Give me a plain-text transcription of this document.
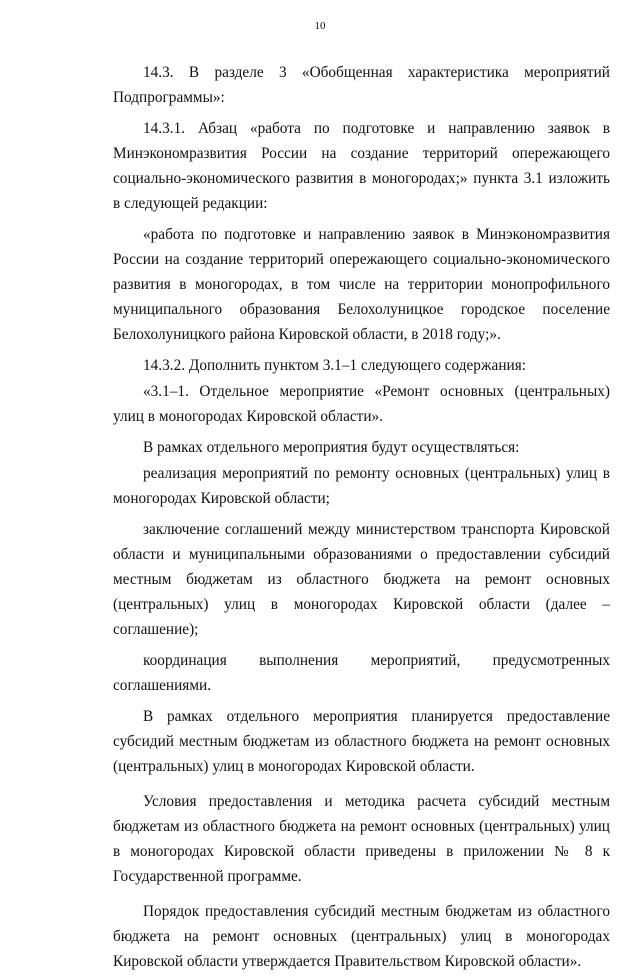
10

14.3. В разделе 3 «Обобщенная характеристика мероприятий Подпрограммы»:

14.3.1. Абзац «работа по подготовке и направлению заявок в Минэкономразвития России на создание территорий опережающего социально-экономического развития в моногородах;» пункта 3.1 изложить в следующей редакции:

«работа по подготовке и направлению заявок в Минэкономразвития России на создание территорий опережающего социально-экономического развития в моногородах, в том числе на территории монопрофильного муниципального образования Белохолуницкое городское поселение Белохолуницкого района Кировской области, в 2018 году;».

14.3.2. Дополнить пунктом 3.1–1 следующего содержания:

«3.1–1. Отдельное мероприятие «Ремонт основных (центральных) улиц в моногородах Кировской области».

В рамках отдельного мероприятия будут осуществляться:

реализация мероприятий по ремонту основных (центральных) улиц в моногородах Кировской области;

заключение соглашений между министерством транспорта Кировской области и муниципальными образованиями о предоставлении субсидий местным бюджетам из областного бюджета на ремонт основных (центральных) улиц в моногородах Кировской области (далее – соглашение);

координация выполнения мероприятий, предусмотренных соглашениями.

В рамках отдельного мероприятия планируется предоставление субсидий местным бюджетам из областного бюджета на ремонт основных (центральных) улиц в моногородах Кировской области.

Условия предоставления и методика расчета субсидий местным бюджетам из областного бюджета на ремонт основных (центральных) улиц в моногородах Кировской области приведены в приложении № 8 к Государственной программе.

Порядок предоставления субсидий местным бюджетам из областного бюджета на ремонт основных (центральных) улиц в моногородах Кировской области утверждается Правительством Кировской области».
